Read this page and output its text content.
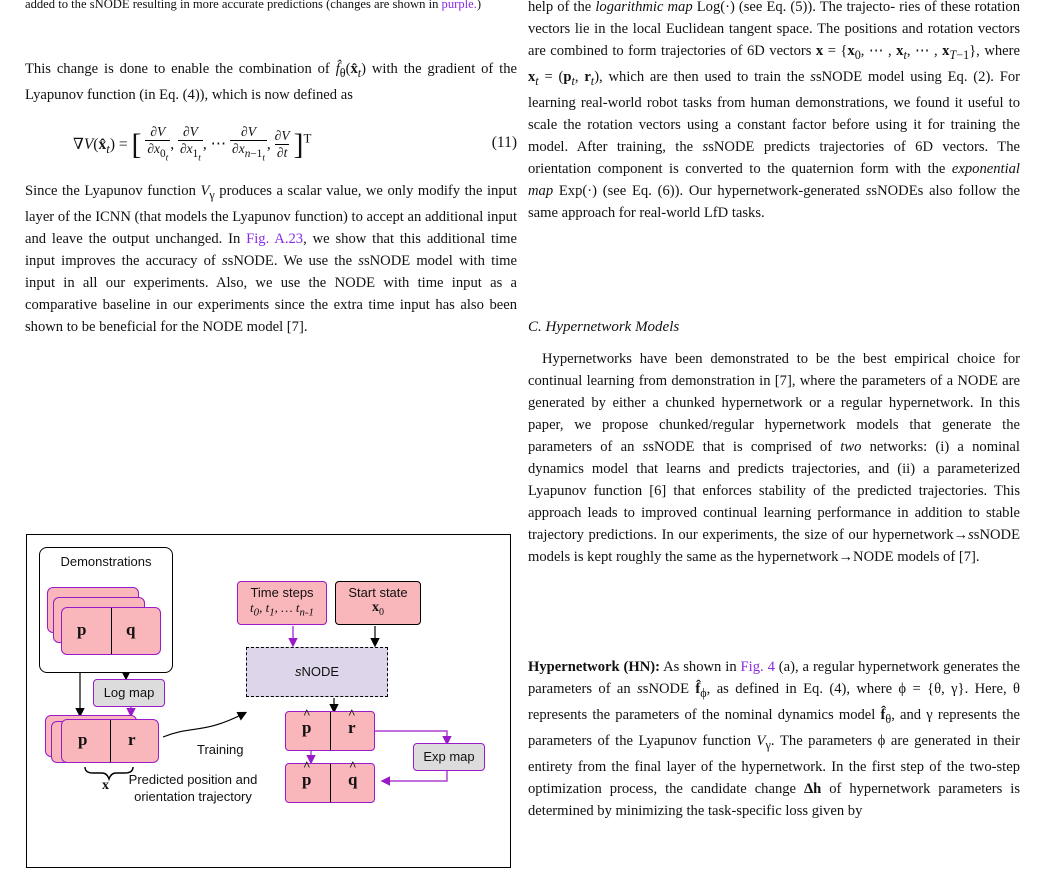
added to the sNODE resulting in more accurate predictions (changes are shown in purple.)

This change is done to enable the combination of $f̂_\theta(x̂_t)$ with the gradient of the Lyapunov function (in Eq. (4)), which is now defined as

$\nabla V(x̂_t)$ = [ ∂V
$\partial x_{0_t}$, ∂V
$\partial x_{1_t}$, ⋯ ∂V
$\partial x_{n-1_t}$, ∂V
∂t ]$^T$	(11)

Since the Lyapunov function $V_\gamma$ produces a scalar value, we only modify the input layer of the ICNN (that models the Lyapunov function) to accept an additional input and leave the output unchanged. In Fig. A.23, we show that this additional time input improves the accuracy of ssNODE. We use the ssNODE model with time input in all our experiments. Also, we use the NODE with time input as a comparative baseline in our experiments since the extra time input has also been shown to be beneficial for the NODE model [7].

Demonstrations
p q
Log map
p r
x
Training
Time steps
$t_0$, $t_1$, … $t_{n-1}$
Start state
$x_0$
sNODE
p
^
r
^
Exp map
p
^
q
^
Predicted position and
orientation trajectory

help of the logarithmic map Log(·) (see Eq. (5)). The trajecto- ries of these rotation vectors lie in the local Euclidean tangent space. The positions and rotation vectors are combined to form trajectories of 6D vectors $x = \{x_0$, ⋯ , $x_t$, ⋯ , $x_{T-1}$}, where $x_t = (p_t$, $r_t$), which are then used to train the ssNODE model using Eq. (2). For learning real-world robot tasks from human demonstrations, we found it useful to scale the rotation vectors using a constant factor before using it for training the model. After training, the ssNODE predicts trajectories of 6D vectors. The orientation component is converted to the quaternion form with the exponential map Exp(·) (see Eq. (6)). Our hypernetwork-generated ssNODEs also follow the same approach for real-world LfD tasks.

C. Hypernetwork Models

Hypernetworks have been demonstrated to be the best empirical choice for continual learning from demonstration in [7], where the parameters of a NODE are generated by either a chunked hypernetwork or a regular hypernetwork. In this paper, we propose chunked/regular hypernetwork models that generate the parameters of an ssNODE that is comprised of two networks: (i) a nominal dynamics model that learns and predicts trajectories, and (ii) a parameterized Lyapunov function [6] that enforces stability of the predicted trajectories. This approach leads to improved continual learning performance in addition to stable trajectory predictions. In our experiments, the size of our hypernetwork→ssNODE models is kept roughly the same as the hypernetwork→NODE models of [7].

Hypernetwork (HN): As shown in Fig. 4 (a), a regular hypernetwork generates the parameters of an ssNODE $f̂_\phi$, as defined in Eq. (4), where ϕ = {θ, γ}. Here, θ represents the parameters of the nominal dynamics model $f̂_\theta$, and γ represents the parameters of the Lyapunov function $V_\gamma$. The parameters ϕ are generated in their entirety from the final layer of the hypernetwork. In the first step of the two-step optimization process, the candidate change Δh of hypernetwork parameters is determined by minimizing the task-specific loss given by
